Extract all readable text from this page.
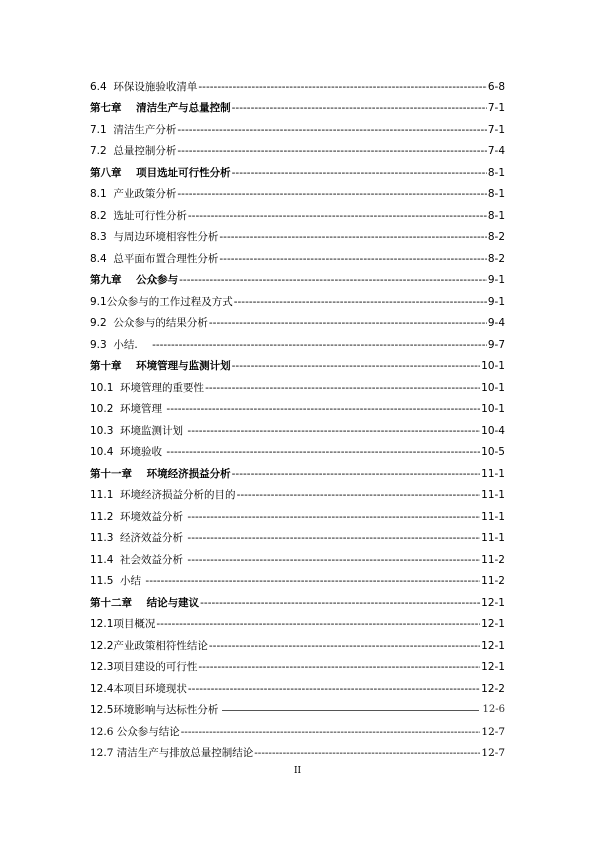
6.4  环保设施验收清单 -----	6-8
第七章    清洁生产与总量控制 -----	7-1
7.1  清洁生产分析 -----	7-1
7.2  总量控制分析 -----	7-4
第八章    项目选址可行性分析 -----	8-1
8.1  产业政策分析 -----	8-1
8.2  选址可行性分析 -----	8-1
8.3  与周边环境相容性分析 -----	8-2
8.4  总平面布置合理性分析 -----	8-2
第九章    公众参与 -----	9-1
9.1公众参与的工作过程及方式 -----	9-1
9.2  公众参与的结果分析 -----	9-4
9.3  小结. -----	9-7
第十章    环境管理与监测计划 -----	10-1
10.1  环境管理的重要性 -----	10-1
10.2  环境管理 -----	10-1
10.3  环境监测计划 -----	10-4
10.4  环境验收 -----	10-5
第十一章    环境经济损益分析 -----	11-1
11.1  环境经济损益分析的目的 -----	11-1
11.2  环境效益分析 -----	11-1
11.3  经济效益分析 -----	11-1
11.4  社会效益分析 -----	11-2
11.5  小结 -----	11-2
第十二章    结论与建议 -----	12-1
12.1项目概况 -----	12-1
12.2产业政策相符性结论 -----	12-1
12.3项目建设的可行性 -----	12-1
12.4本项目环境现状 -----	12-2
12.5环境影响与达标性分析	12-6
12.6 公众参与结论 -----	12-7
12.7 清洁生产与排放总量控制结论 -----	12-7
II
